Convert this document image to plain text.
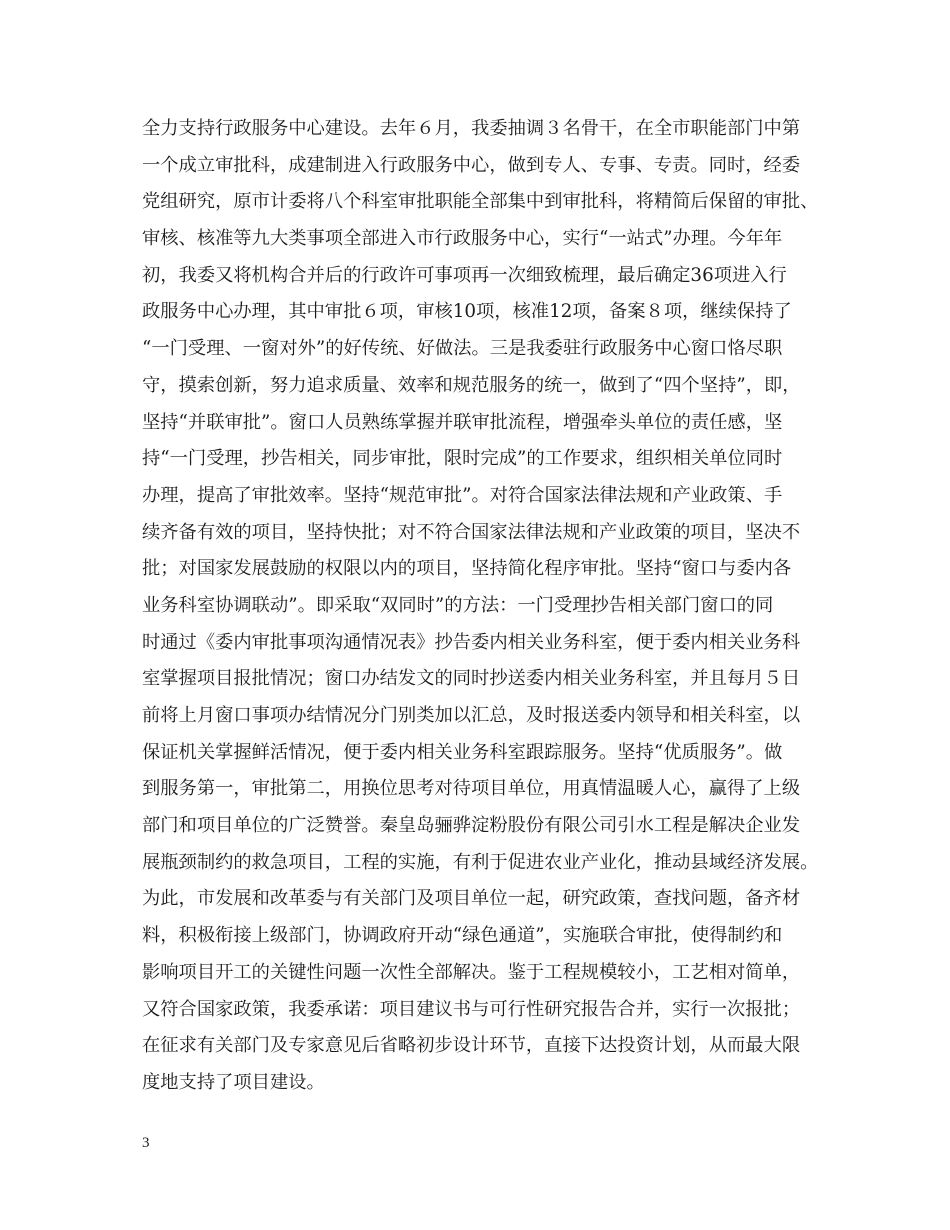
全力支持行政服务中心建设。去年６月，我委抽调３名骨干，在全市职能部门中第
一个成立审批科，成建制进入行政服务中心，做到专人、专事、专责。同时，经委
党组研究，原市计委将八个科室审批职能全部集中到审批科，将精简后保留的审批、
审核、核准等九大类事项全部进入市行政服务中心，实行“一站式”办理。今年年
初，我委又将机构合并后的行政许可事项再一次细致梳理，最后确定36项进入行
政服务中心办理，其中审批６项，审核10项，核准12项，备案８项，继续保持了
“一门受理、一窗对外”的好传统、好做法。三是我委驻行政服务中心窗口恪尽职
守，摸索创新，努力追求质量、效率和规范服务的统一，做到了“四个坚持”，即，
坚持“并联审批”。窗口人员熟练掌握并联审批流程，增强牵头单位的责任感，坚
持“一门受理，抄告相关，同步审批，限时完成”的工作要求，组织相关单位同时
办理，提高了审批效率。坚持“规范审批”。对符合国家法律法规和产业政策、手
续齐备有效的项目，坚持快批；对不符合国家法律法规和产业政策的项目，坚决不
批；对国家发展鼓励的权限以内的项目，坚持简化程序审批。坚持“窗口与委内各
业务科室协调联动”。即采取“双同时”的方法：一门受理抄告相关部门窗口的同
时通过《委内审批事项沟通情况表》抄告委内相关业务科室，便于委内相关业务科
室掌握项目报批情况；窗口办结发文的同时抄送委内相关业务科室，并且每月５日
前将上月窗口事项办结情况分门别类加以汇总，及时报送委内领导和相关科室，以
保证机关掌握鲜活情况，便于委内相关业务科室跟踪服务。坚持“优质服务”。做
到服务第一，审批第二，用换位思考对待项目单位，用真情温暖人心，赢得了上级
部门和项目单位的广泛赞誉。秦皇岛骊骅淀粉股份有限公司引水工程是解决企业发
展瓶颈制约的救急项目，工程的实施，有利于促进农业产业化，推动县域经济发展。
为此，市发展和改革委与有关部门及项目单位一起，研究政策，查找问题，备齐材
料，积极衔接上级部门，协调政府开动“绿色通道”，实施联合审批，使得制约和
影响项目开工的关键性问题一次性全部解决。鉴于工程规模较小，工艺相对简单，
又符合国家政策，我委承诺：项目建议书与可行性研究报告合并，实行一次报批；
在征求有关部门及专家意见后省略初步设计环节，直接下达投资计划，从而最大限
度地支持了项目建设。
3
